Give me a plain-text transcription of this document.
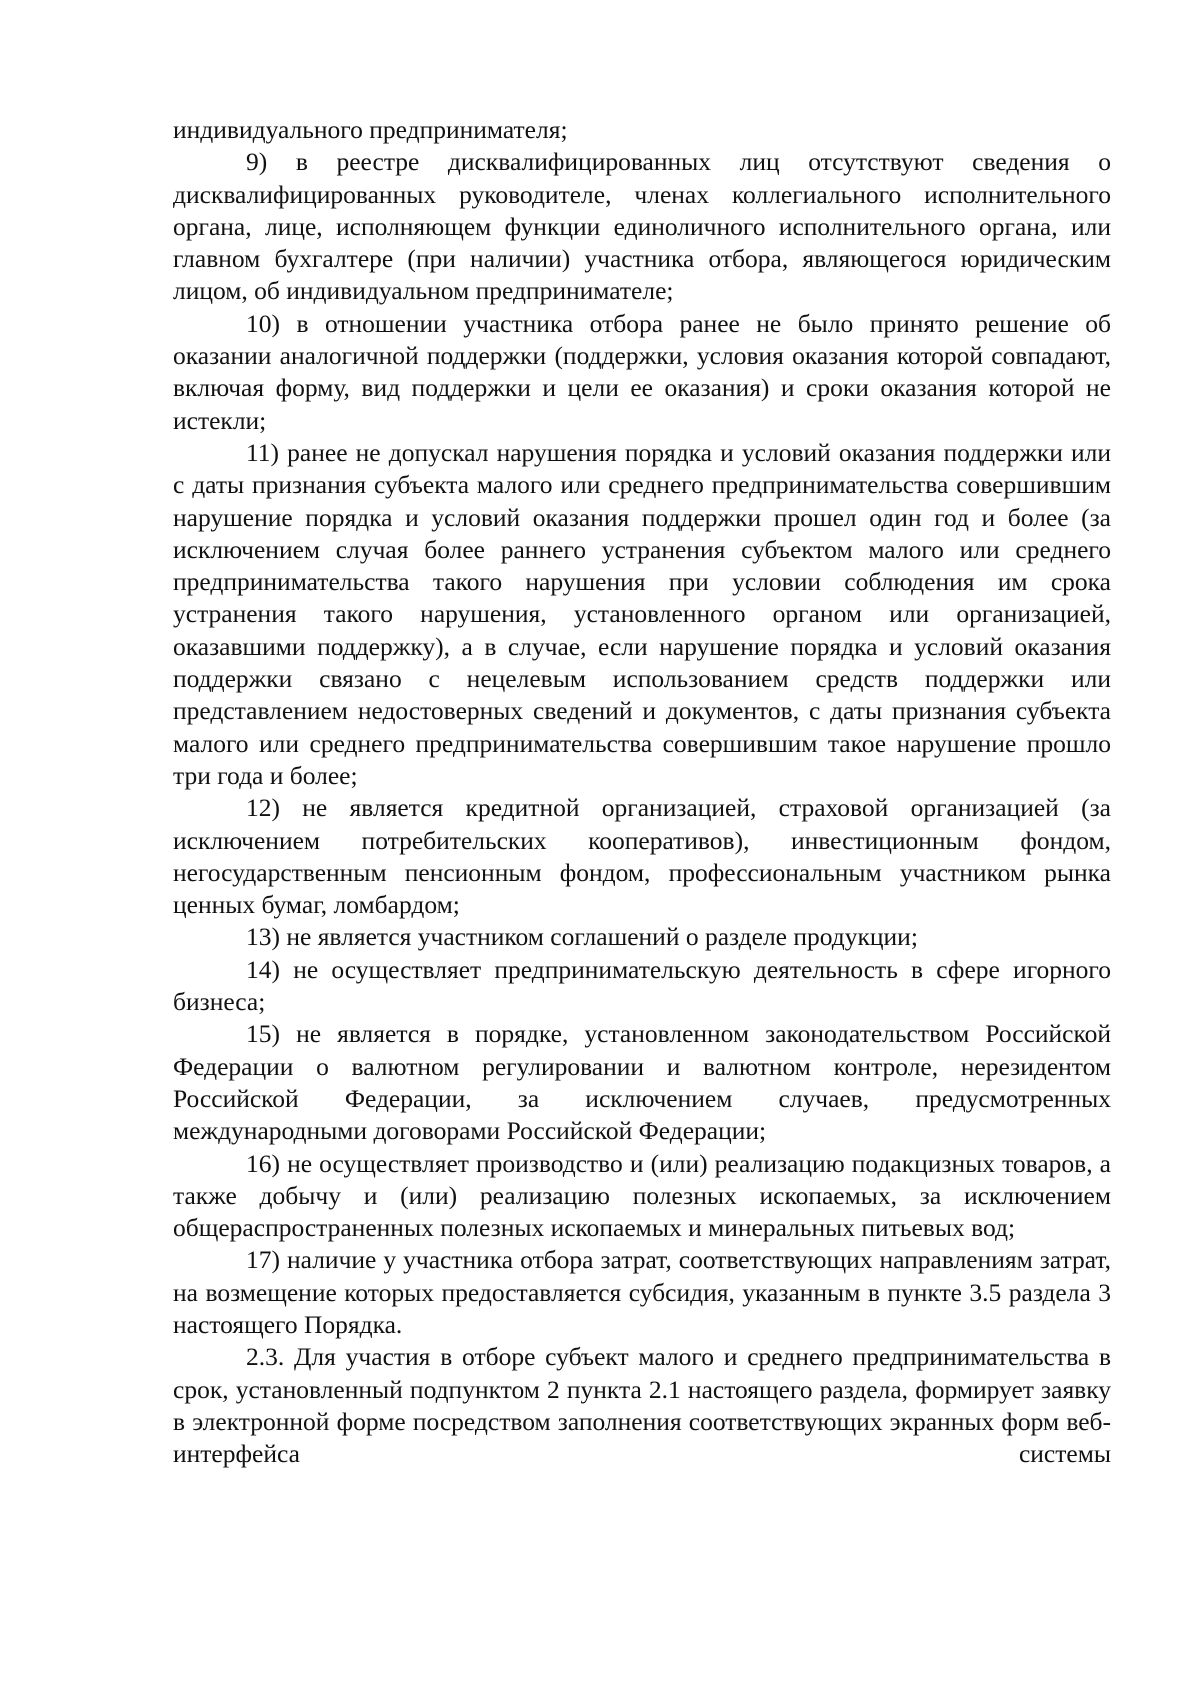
индивидуального предпринимателя;

9) в реестре дисквалифицированных лиц отсутствуют сведения о дисквалифицированных руководителе, членах коллегиального исполнительного органа, лице, исполняющем функции единоличного исполнительного органа, или главном бухгалтере (при наличии) участника отбора, являющегося юридическим лицом, об индивидуальном предпринимателе;

10) в отношении участника отбора ранее не было принято решение об оказании аналогичной поддержки (поддержки, условия оказания которой совпадают, включая форму, вид поддержки и цели ее оказания) и сроки оказания которой не истекли;

11) ранее не допускал нарушения порядка и условий оказания поддержки или с даты признания субъекта малого или среднего предпринимательства совершившим нарушение порядка и условий оказания поддержки прошел один год и более (за исключением случая более раннего устранения субъектом малого или среднего предпринимательства такого нарушения при условии соблюдения им срока устранения такого нарушения, установленного органом или организацией, оказавшими поддержку), а в случае, если нарушение порядка и условий оказания поддержки связано с нецелевым использованием средств поддержки или представлением недостоверных сведений и документов, с даты признания субъекта малого или среднего предпринимательства совершившим такое нарушение прошло три года и более;

12) не является кредитной организацией, страховой организацией (за исключением потребительских кооперативов), инвестиционным фондом, негосударственным пенсионным фондом, профессиональным участником рынка ценных бумаг, ломбардом;

13) не является участником соглашений о разделе продукции;

14) не осуществляет предпринимательскую деятельность в сфере игорного бизнеса;

15) не является в порядке, установленном законодательством Российской Федерации о валютном регулировании и валютном контроле, нерезидентом Российской Федерации, за исключением случаев, предусмотренных международными договорами Российской Федерации;

16) не осуществляет производство и (или) реализацию подакцизных товаров, а также добычу и (или) реализацию полезных ископаемых, за исключением общераспространенных полезных ископаемых и минеральных питьевых вод;

17) наличие у участника отбора затрат, соответствующих направлениям затрат, на возмещение которых предоставляется субсидия, указанным в пункте 3.5 раздела 3 настоящего Порядка.

2.3. Для участия в отборе субъект малого и среднего предпринимательства в срок, установленный подпунктом 2 пункта 2.1 настоящего раздела, формирует заявку в электронной форме посредством заполнения соответствующих экранных форм веб-интерфейса системы
